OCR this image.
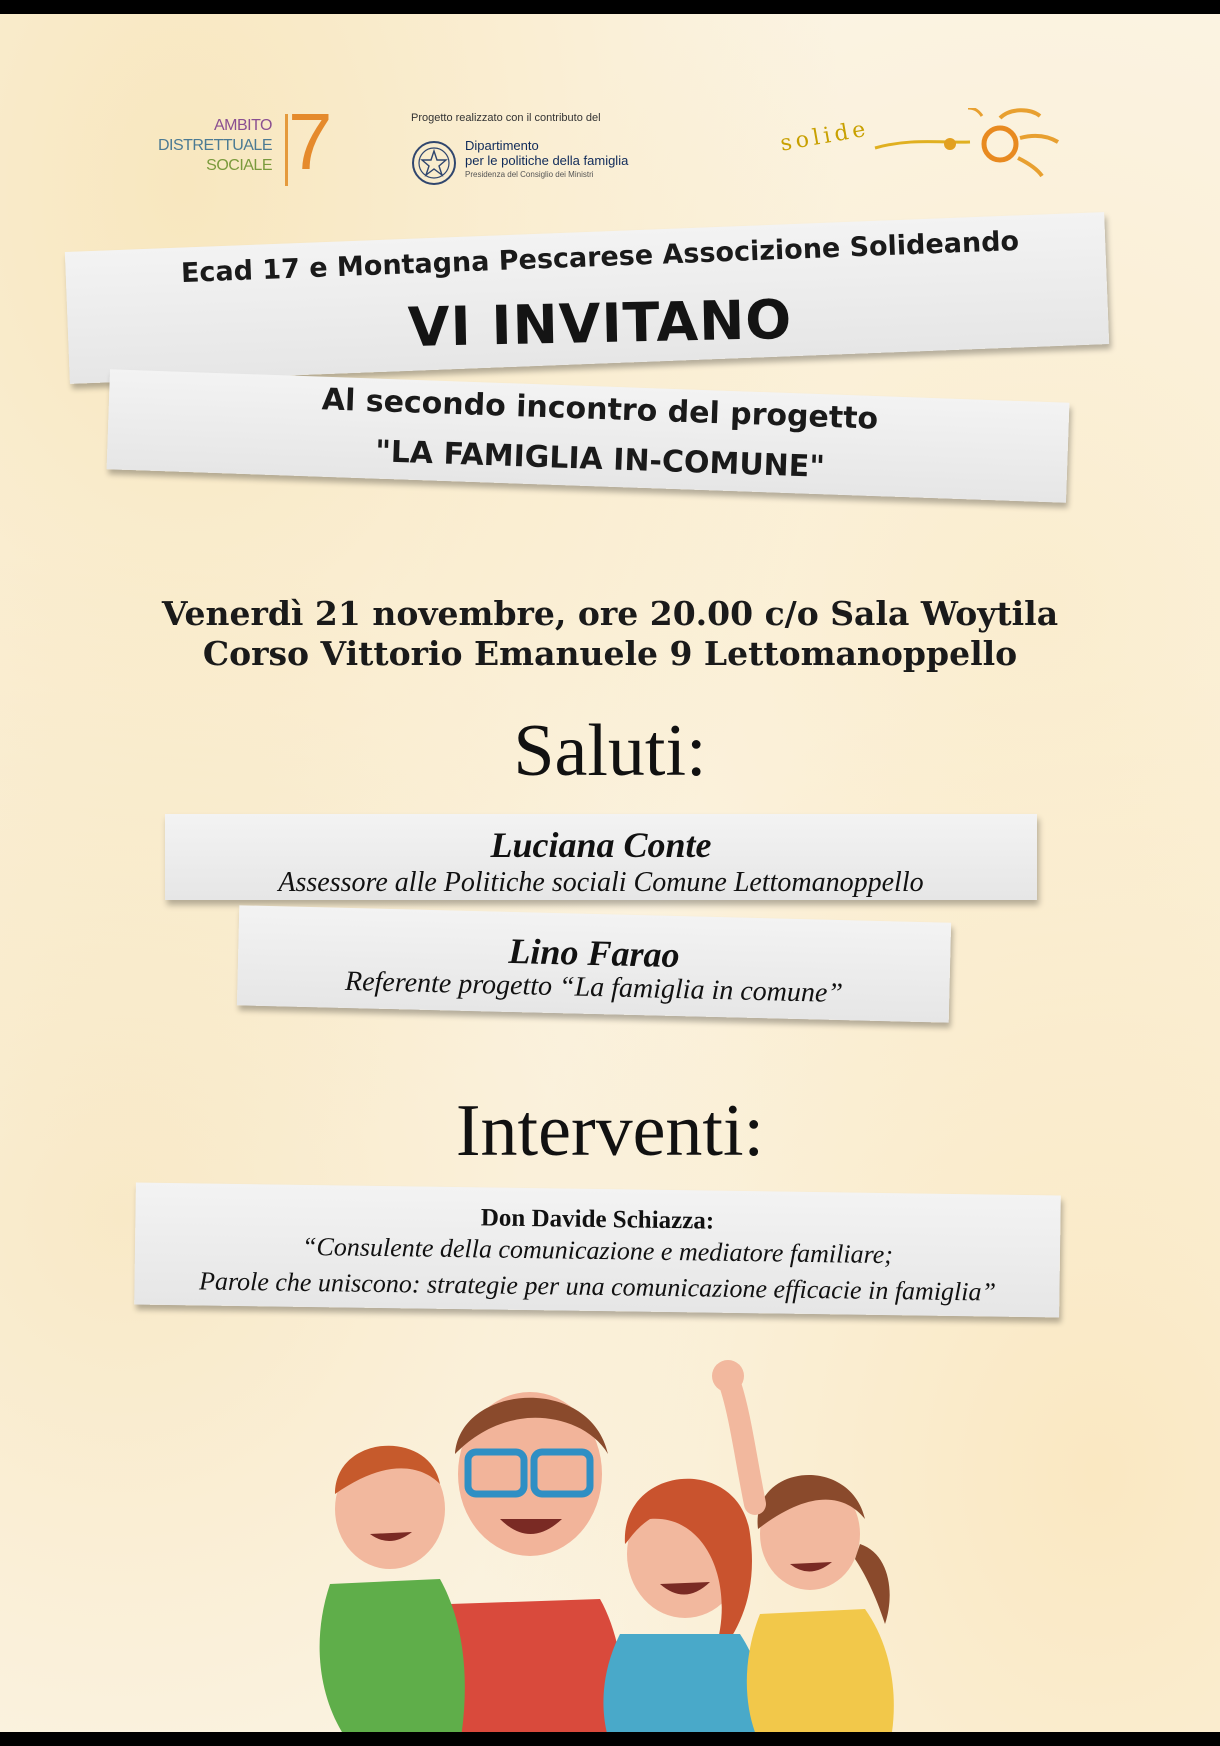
AMBITO
DISTRETTUALE
SOCIALE 7	Progetto realizzato con il contributo del
Dipartimento
per le politiche della famiglia
Presidenza del Consiglio dei Ministri
solide
Ecad 17 e Montagna Pescarese Associzione Solideando
VI INVITANO
Al secondo incontro del progetto
"LA FAMIGLIA IN-COMUNE"
Venerdì 21 novembre, ore 20.00 c/o Sala Woytila
Corso Vittorio Emanuele 9 Lettomanoppello
Saluti:
Luciana Conte
Assessore alle Politiche sociali Comune Lettomanoppello
Lino Farao
Referente progetto “La famiglia in comune”
Interventi:
Don Davide Schiazza:
“Consulente della comunicazione e mediatore familiare;
Parole che uniscono: strategie per una comunicazione efficacie in famiglia”
